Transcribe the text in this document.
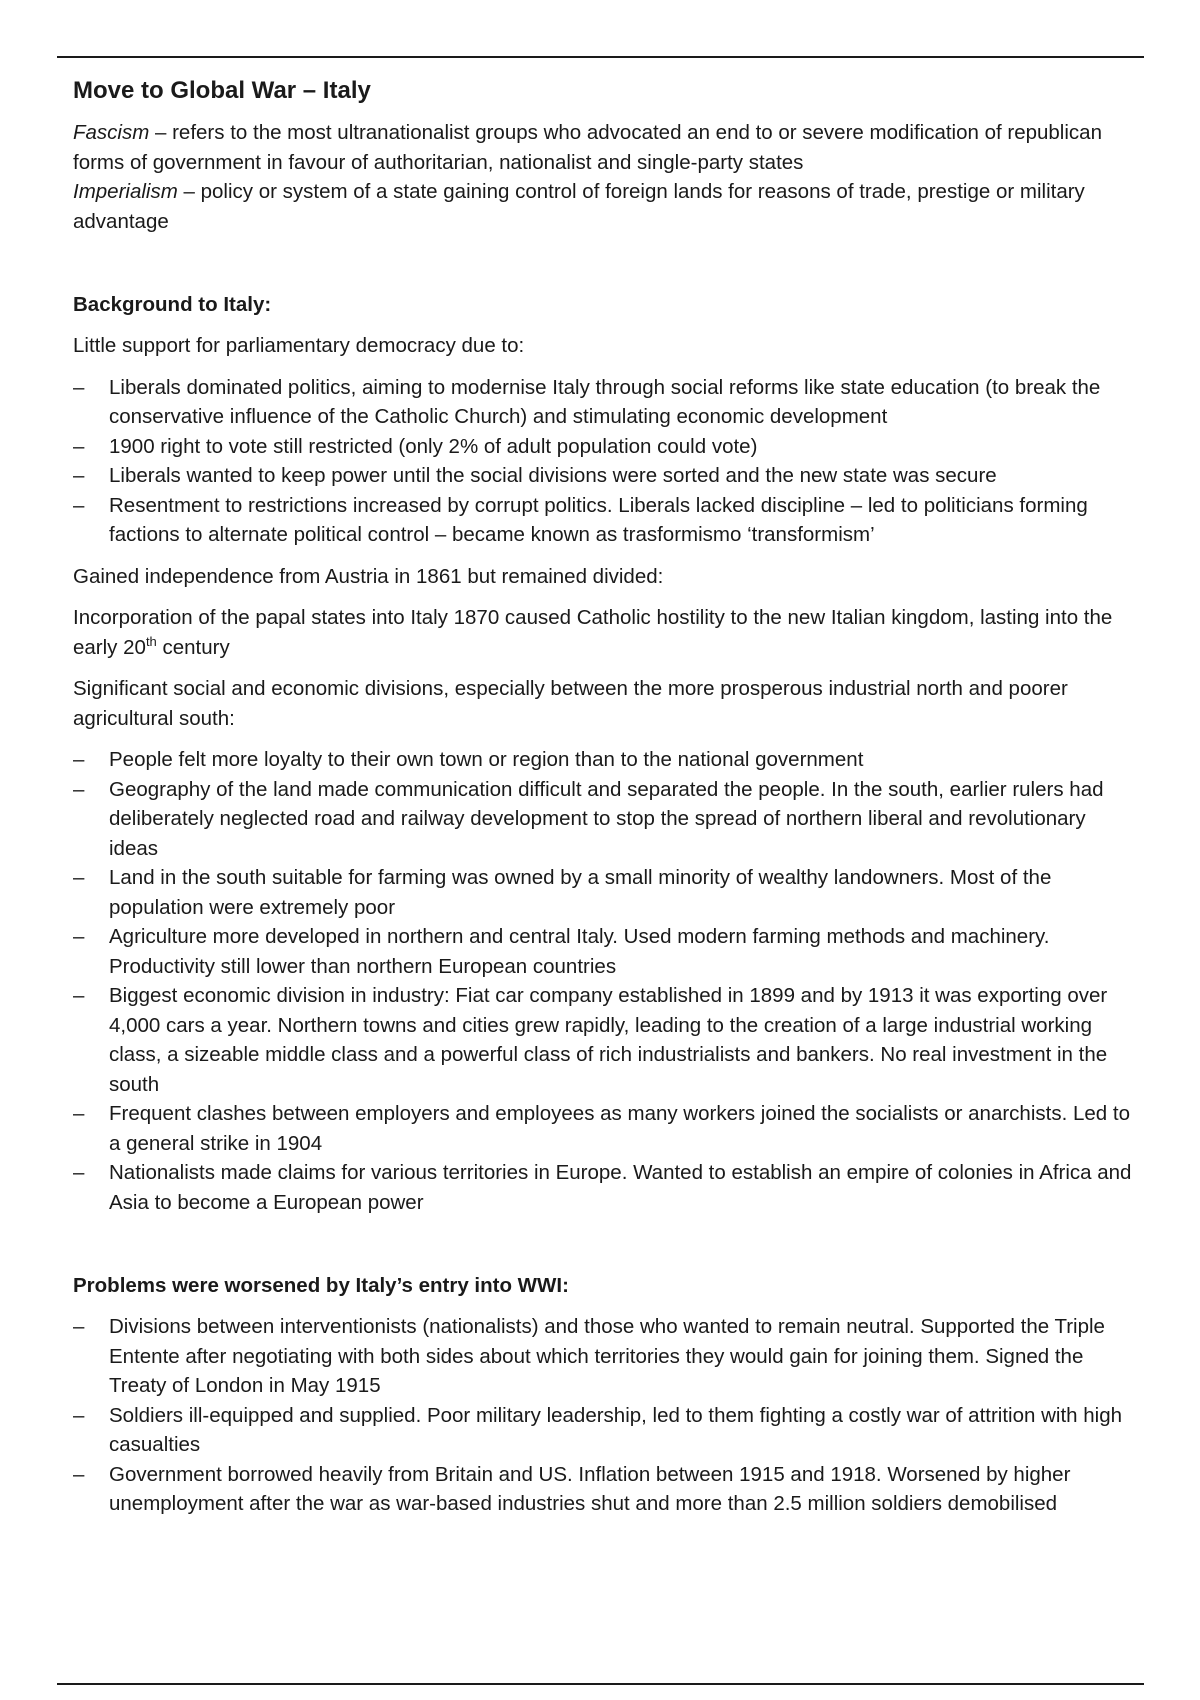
Move to Global War – Italy

Fascism – refers to the most ultranationalist groups who advocated an end to or severe modification of republican forms of government in favour of authoritarian, nationalist and single-party states

Imperialism – policy or system of a state gaining control of foreign lands for reasons of trade, prestige or military advantage

Background to Italy:

Little support for parliamentary democracy due to:

– Liberals dominated politics, aiming to modernise Italy through social reforms like state education (to break the conservative influence of the Catholic Church) and stimulating economic development
– 1900 right to vote still restricted (only 2% of adult population could vote)
– Liberals wanted to keep power until the social divisions were sorted and the new state was secure
– Resentment to restrictions increased by corrupt politics. Liberals lacked discipline – led to politicians forming factions to alternate political control – became known as trasformismo ‘transformism’

Gained independence from Austria in 1861 but remained divided:

Incorporation of the papal states into Italy 1870 caused Catholic hostility to the new Italian kingdom, lasting into the early 20th century

Significant social and economic divisions, especially between the more prosperous industrial north and poorer agricultural south:

– People felt more loyalty to their own town or region than to the national government
– Geography of the land made communication difficult and separated the people. In the south, earlier rulers had deliberately neglected road and railway development to stop the spread of northern liberal and revolutionary ideas
– Land in the south suitable for farming was owned by a small minority of wealthy landowners. Most of the population were extremely poor
– Agriculture more developed in northern and central Italy. Used modern farming methods and machinery. Productivity still lower than northern European countries
– Biggest economic division in industry: Fiat car company established in 1899 and by 1913 it was exporting over 4,000 cars a year. Northern towns and cities grew rapidly, leading to the creation of a large industrial working class, a sizeable middle class and a powerful class of rich industrialists and bankers. No real investment in the south
– Frequent clashes between employers and employees as many workers joined the socialists or anarchists. Led to a general strike in 1904
– Nationalists made claims for various territories in Europe. Wanted to establish an empire of colonies in Africa and Asia to become a European power
Problems were worsened by Italy’s entry into WWI:
– Divisions between interventionists (nationalists) and those who wanted to remain neutral. Supported the Triple Entente after negotiating with both sides about which territories they would gain for joining them. Signed the Treaty of London in May 1915
– Soldiers ill-equipped and supplied. Poor military leadership, led to them fighting a costly war of attrition with high casualties
– Government borrowed heavily from Britain and US. Inflation between 1915 and 1918. Worsened by higher unemployment after the war as war-based industries shut and more than 2.5 million soldiers demobilised
